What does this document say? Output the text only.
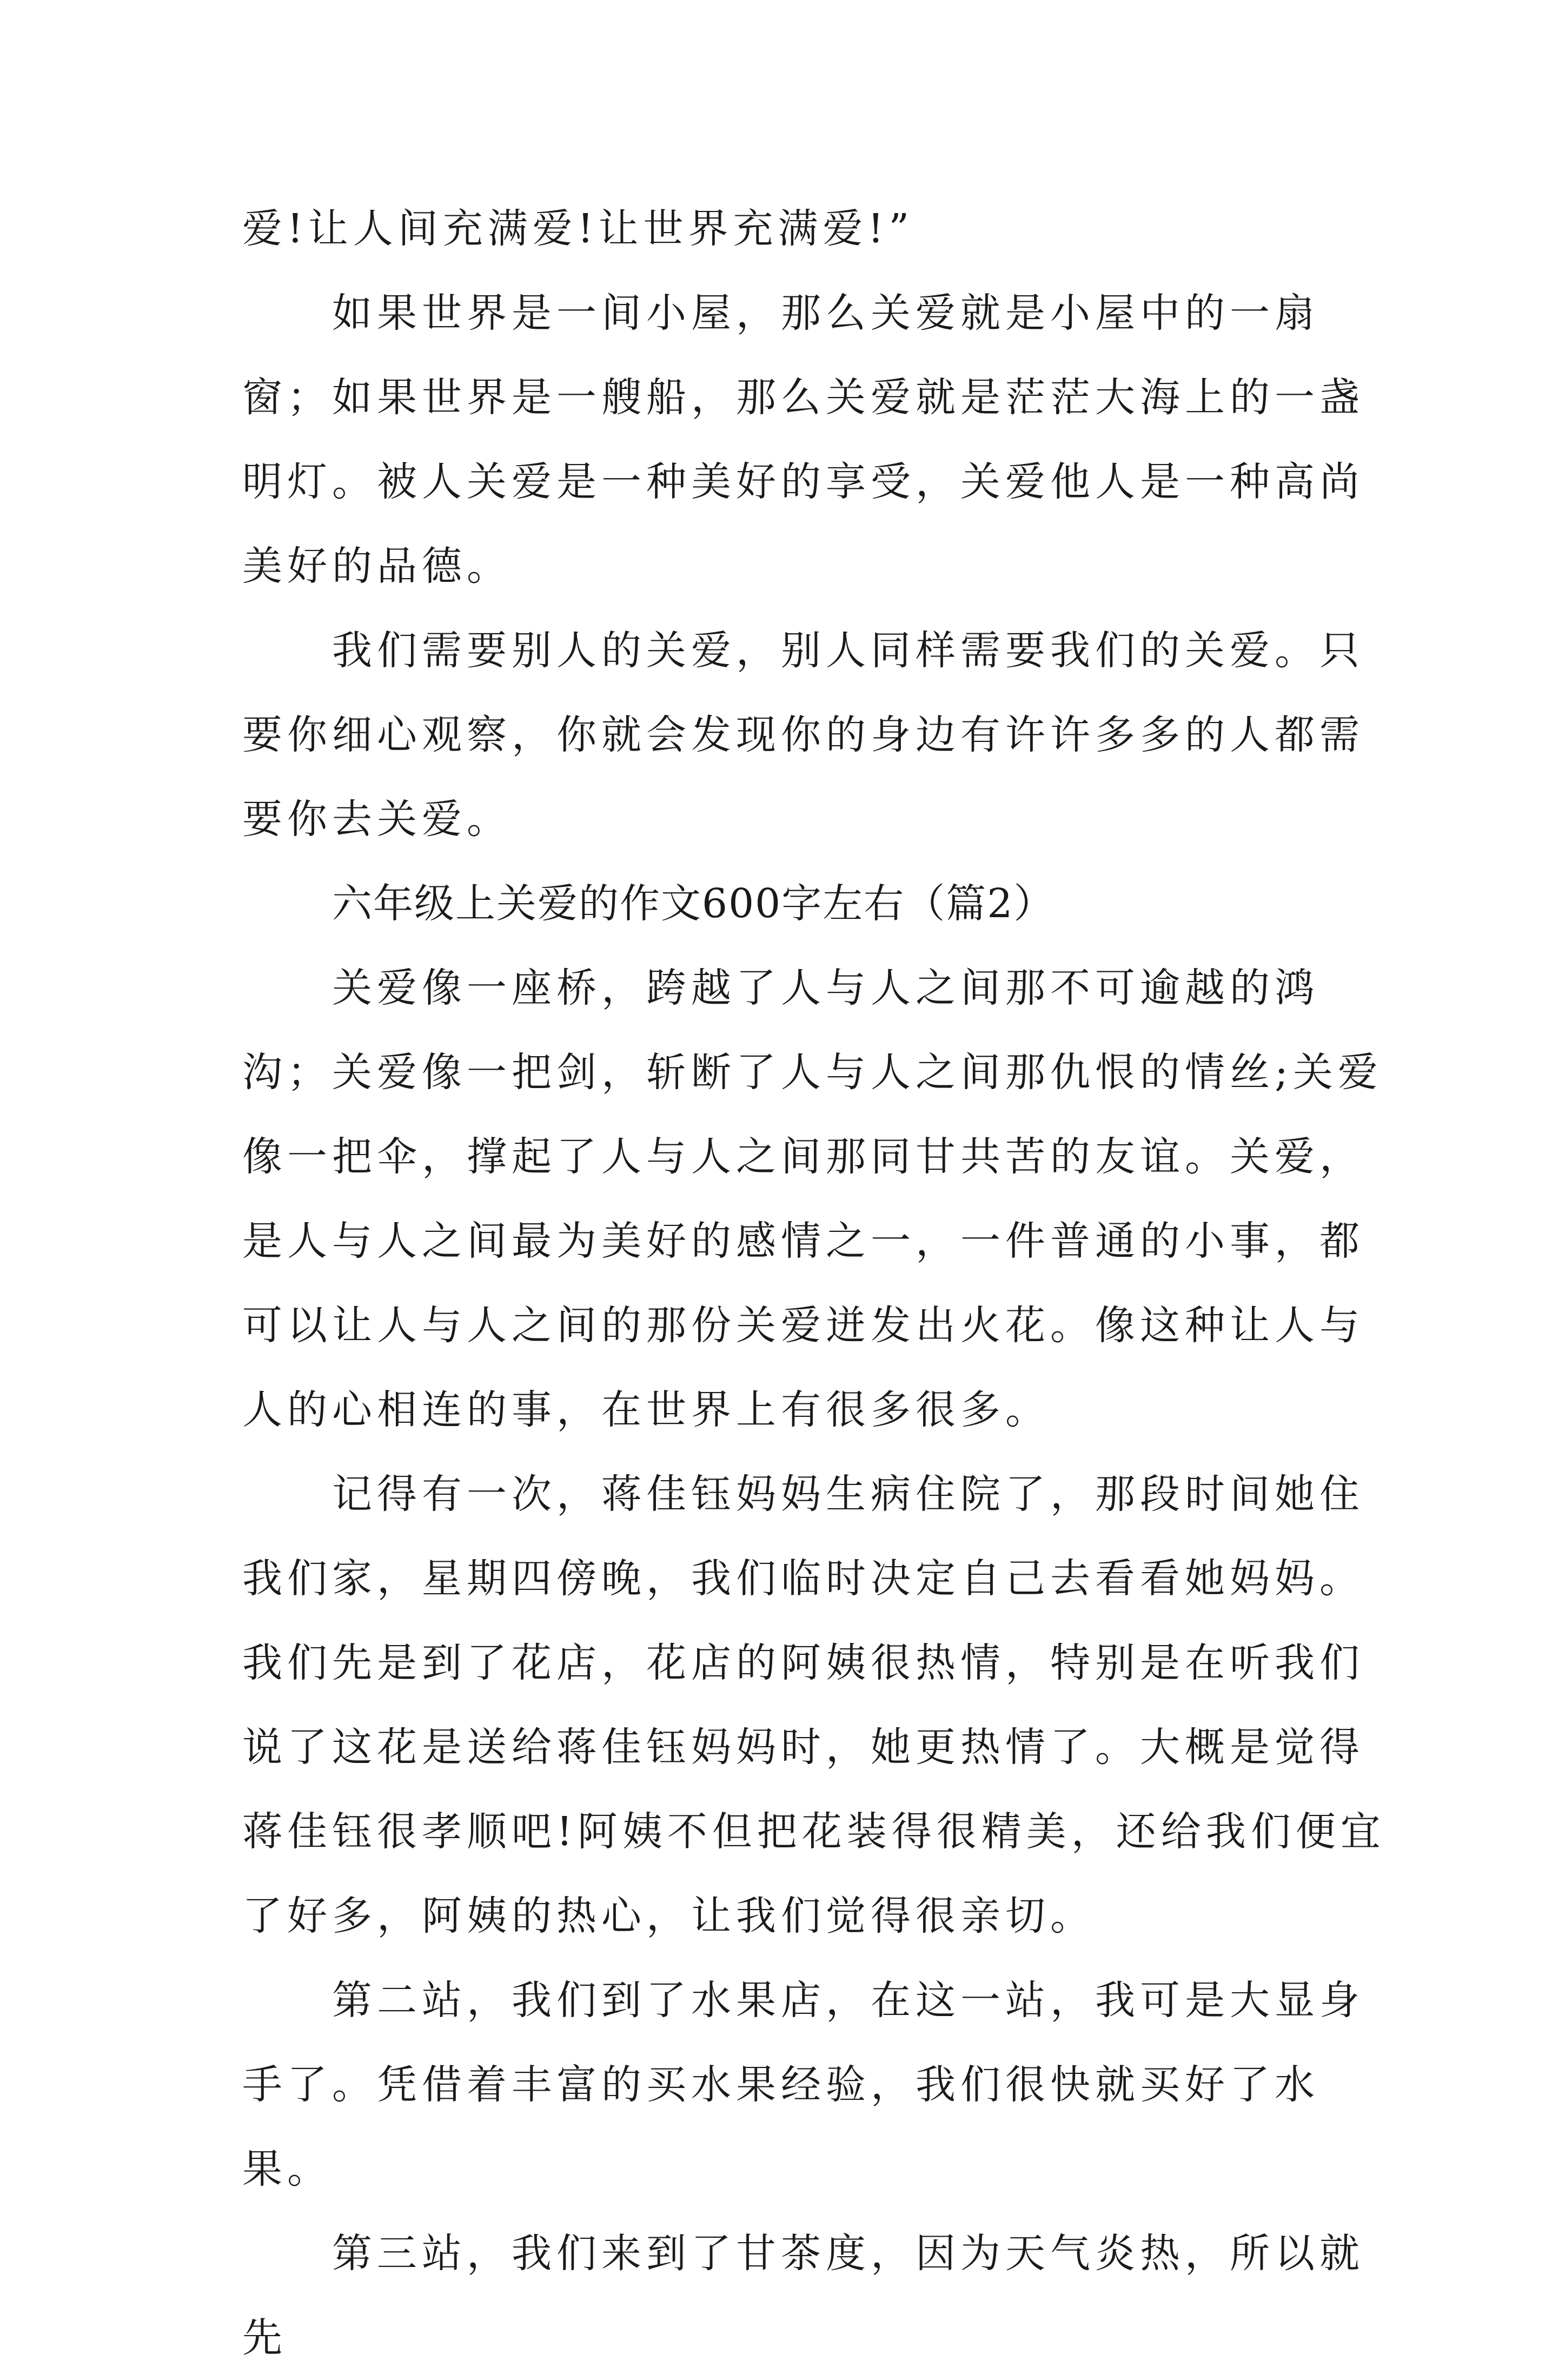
爱!让人间充满爱!让世界充满爱!”

如果世界是一间小屋，那么关爱就是小屋中的一扇窗；如果世界是一艘船，那么关爱就是茫茫大海上的一盏明灯。被人关爱是一种美好的享受，关爱他人是一种高尚美好的品德。

我们需要别人的关爱，别人同样需要我们的关爱。只要你细心观察，你就会发现你的身边有许许多多的人都需要你去关爱。

六年级上关爱的作文600字左右（篇2）

关爱像一座桥，跨越了人与人之间那不可逾越的鸿沟；关爱像一把剑，斩断了人与人之间那仇恨的情丝;关爱像一把伞，撑起了人与人之间那同甘共苦的友谊。关爱，是人与人之间最为美好的感情之一，一件普通的小事，都可以让人与人之间的那份关爱迸发出火花。像这种让人与人的心相连的事，在世界上有很多很多。

记得有一次，蒋佳钰妈妈生病住院了，那段时间她住我们家，星期四傍晚，我们临时决定自己去看看她妈妈。我们先是到了花店，花店的阿姨很热情，特别是在听我们说了这花是送给蒋佳钰妈妈时，她更热情了。大概是觉得蒋佳钰很孝顺吧!阿姨不但把花装得很精美，还给我们便宜了好多，阿姨的热心，让我们觉得很亲切。

第二站，我们到了水果店，在这一站，我可是大显身手了。凭借着丰富的买水果经验，我们很快就买好了水果。

第三站，我们来到了甘茶度，因为天气炎热，所以就先
